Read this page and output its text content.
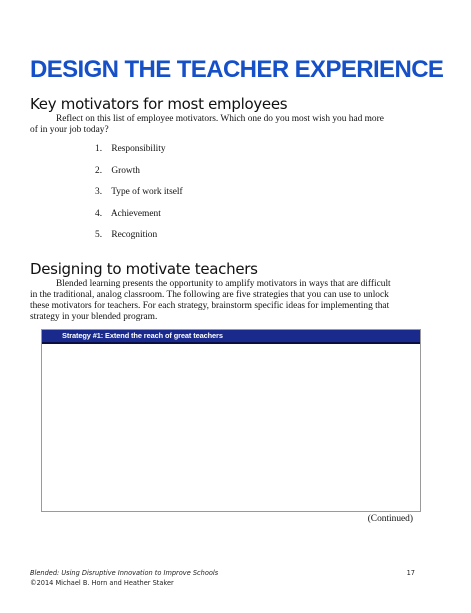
DESIGN THE TEACHER EXPERIENCE
Key motivators for most employees
Reflect on this list of employee motivators. Which one do you most wish you had more
of in your job today?
1. Responsibility
2. Growth
3. Type of work itself
4. Achievement
5. Recognition
Designing to motivate teachers
Blended learning presents the opportunity to amplify motivators in ways that are difficult
in the traditional, analog classroom. The following are five strategies that you can use to unlock
these motivators for teachers. For each strategy, brainstorm specific ideas for implementing that
strategy in your blended program.
Strategy #1: Extend the reach of great teachers
(Continued)
Blended: Using Disruptive Innovation to Improve Schools
©2014 Michael B. Horn and Heather Staker
17
